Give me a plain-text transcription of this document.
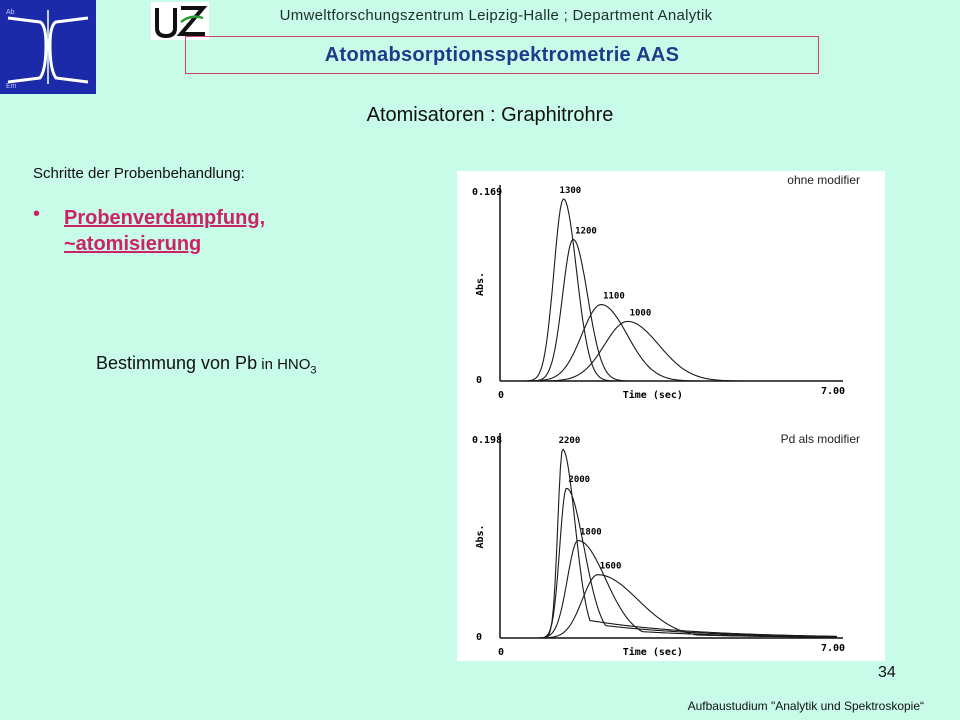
Ab
Em
Umweltforschungszentrum Leipzig-Halle ; Department Analytik
Atomabsorptionsspektrometrie AAS
Atomisatoren : Graphitrohre
Schritte der Probenbehandlung:
• Probenverdampfung, ~atomisierung
Bestimmung von Pb in $HNO_3$
0.169
0
0	7.00
Time (sec)
Abs.
ohne modifier
1300
1200
1100
1000
0.198
0
0	7.00
Time (sec)
Abs.
Pd als modifier
2200
2000
1800
1600
34
Aufbaustudium "Analytik und Spektroskopie“
